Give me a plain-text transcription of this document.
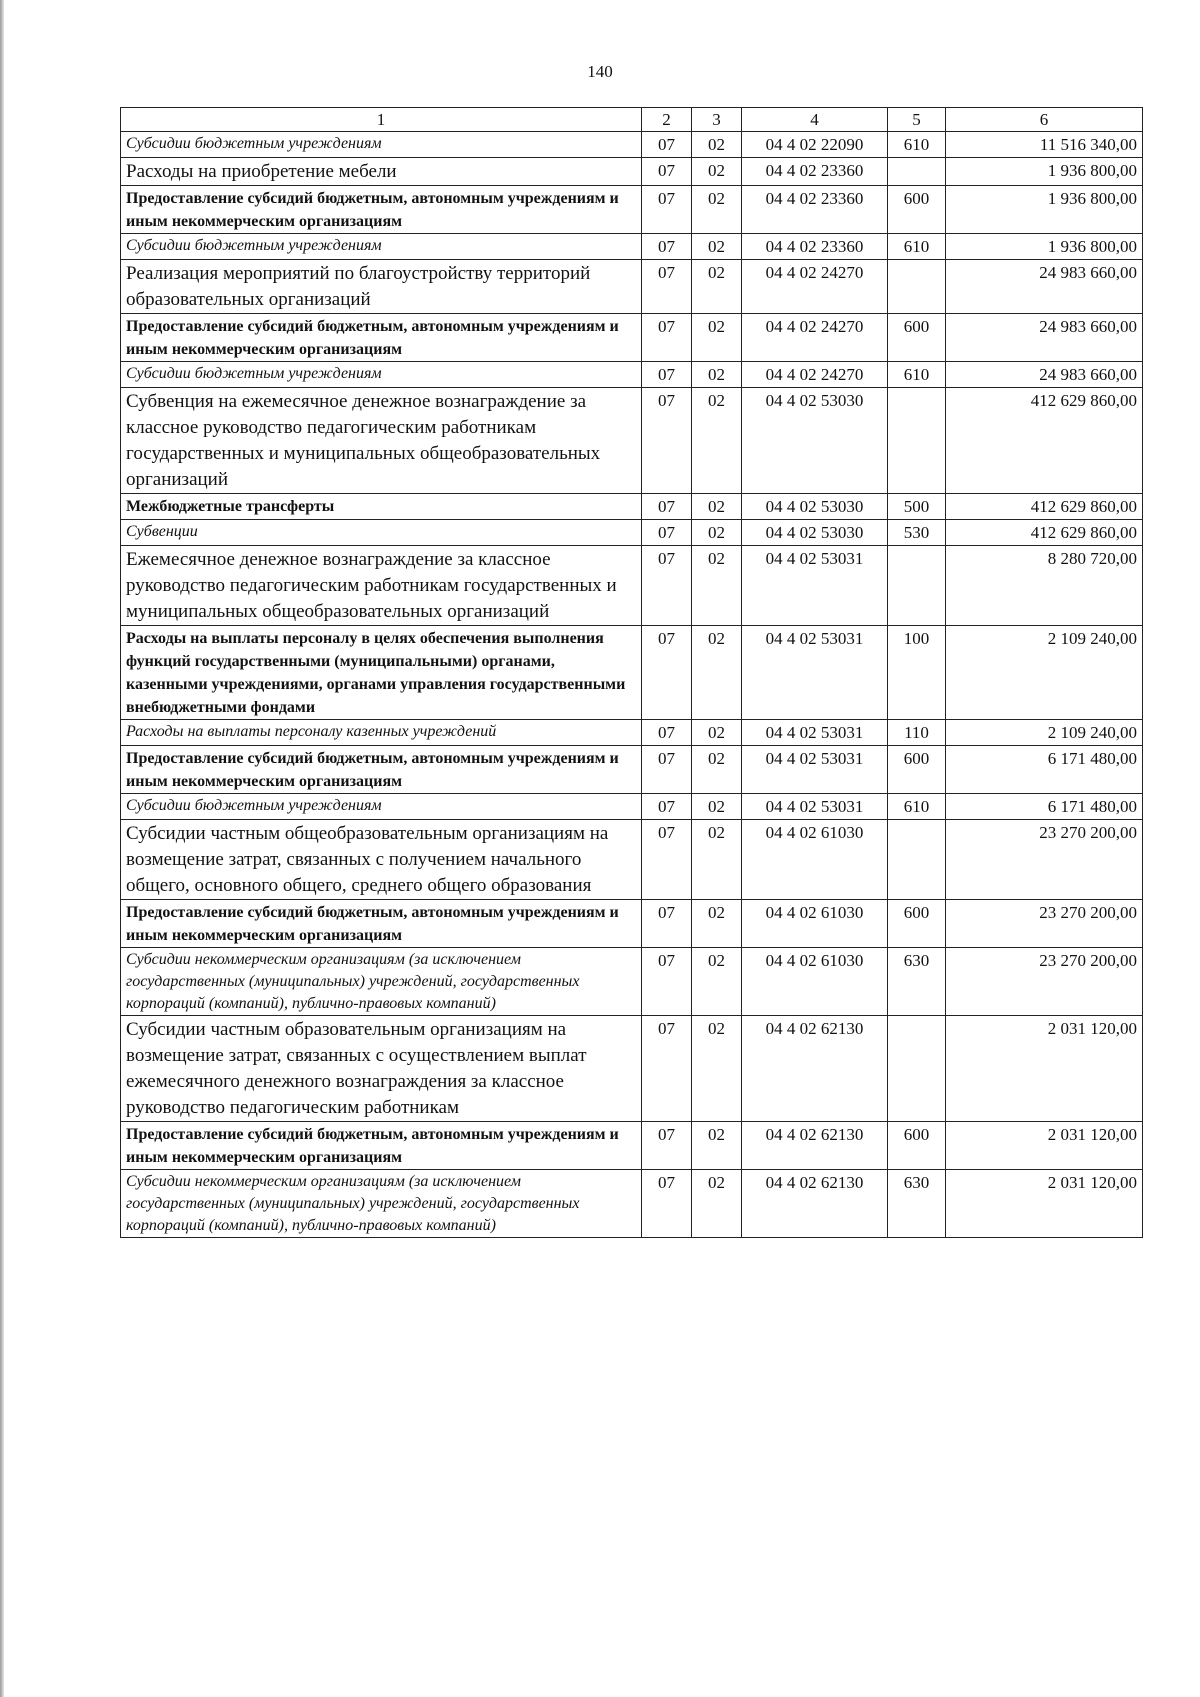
140
1	2	3	4	5	6
Субсидии бюджетным учреждениям	07	02	04 4 02 22090	610	11 516 340,00
Расходы на приобретение мебели	07	02	04 4 02 23360		1 936 800,00
Предоставление субсидий бюджетным, автономным учреждениям и иным некоммерческим организациям	07	02	04 4 02 23360	600	1 936 800,00
Субсидии бюджетным учреждениям	07	02	04 4 02 23360	610	1 936 800,00
Реализация мероприятий по благоустройству территорий образовательных организаций	07	02	04 4 02 24270		24 983 660,00
Предоставление субсидий бюджетным, автономным учреждениям и иным некоммерческим организациям	07	02	04 4 02 24270	600	24 983 660,00
Субсидии бюджетным учреждениям	07	02	04 4 02 24270	610	24 983 660,00
Субвенция на ежемесячное денежное вознаграждение за классное руководство педагогическим работникам государственных и муниципальных общеобразовательных организаций	07	02	04 4 02 53030		412 629 860,00
Межбюджетные трансферты	07	02	04 4 02 53030	500	412 629 860,00
Субвенции	07	02	04 4 02 53030	530	412 629 860,00
Ежемесячное денежное вознаграждение за классное руководство педагогическим работникам государственных и муниципальных общеобразовательных организаций	07	02	04 4 02 53031		8 280 720,00
Расходы на выплаты персоналу в целях обеспечения выполнения функций государственными (муниципальными) органами, казенными учреждениями, органами управления государственными внебюджетными фондами	07	02	04 4 02 53031	100	2 109 240,00
Расходы на выплаты персоналу казенных учреждений	07	02	04 4 02 53031	110	2 109 240,00
Предоставление субсидий бюджетным, автономным учреждениям и иным некоммерческим организациям	07	02	04 4 02 53031	600	6 171 480,00
Субсидии бюджетным учреждениям	07	02	04 4 02 53031	610	6 171 480,00
Субсидии частным общеобразовательным организациям на возмещение затрат, связанных с получением начального общего, основного общего, среднего общего образования	07	02	04 4 02 61030		23 270 200,00
Предоставление субсидий бюджетным, автономным учреждениям и иным некоммерческим организациям	07	02	04 4 02 61030	600	23 270 200,00
Субсидии некоммерческим организациям (за исключением государственных (муниципальных) учреждений, государственных корпораций (компаний), публично-правовых компаний)	07	02	04 4 02 61030	630	23 270 200,00
Субсидии частным образовательным организациям на возмещение затрат, связанных с осуществлением выплат ежемесячного денежного вознаграждения за классное руководство педагогическим работникам	07	02	04 4 02 62130		2 031 120,00
Предоставление субсидий бюджетным, автономным учреждениям и иным некоммерческим организациям	07	02	04 4 02 62130	600	2 031 120,00
Субсидии некоммерческим организациям (за исключением государственных (муниципальных) учреждений, государственных корпораций (компаний), публично-правовых компаний)	07	02	04 4 02 62130	630	2 031 120,00
